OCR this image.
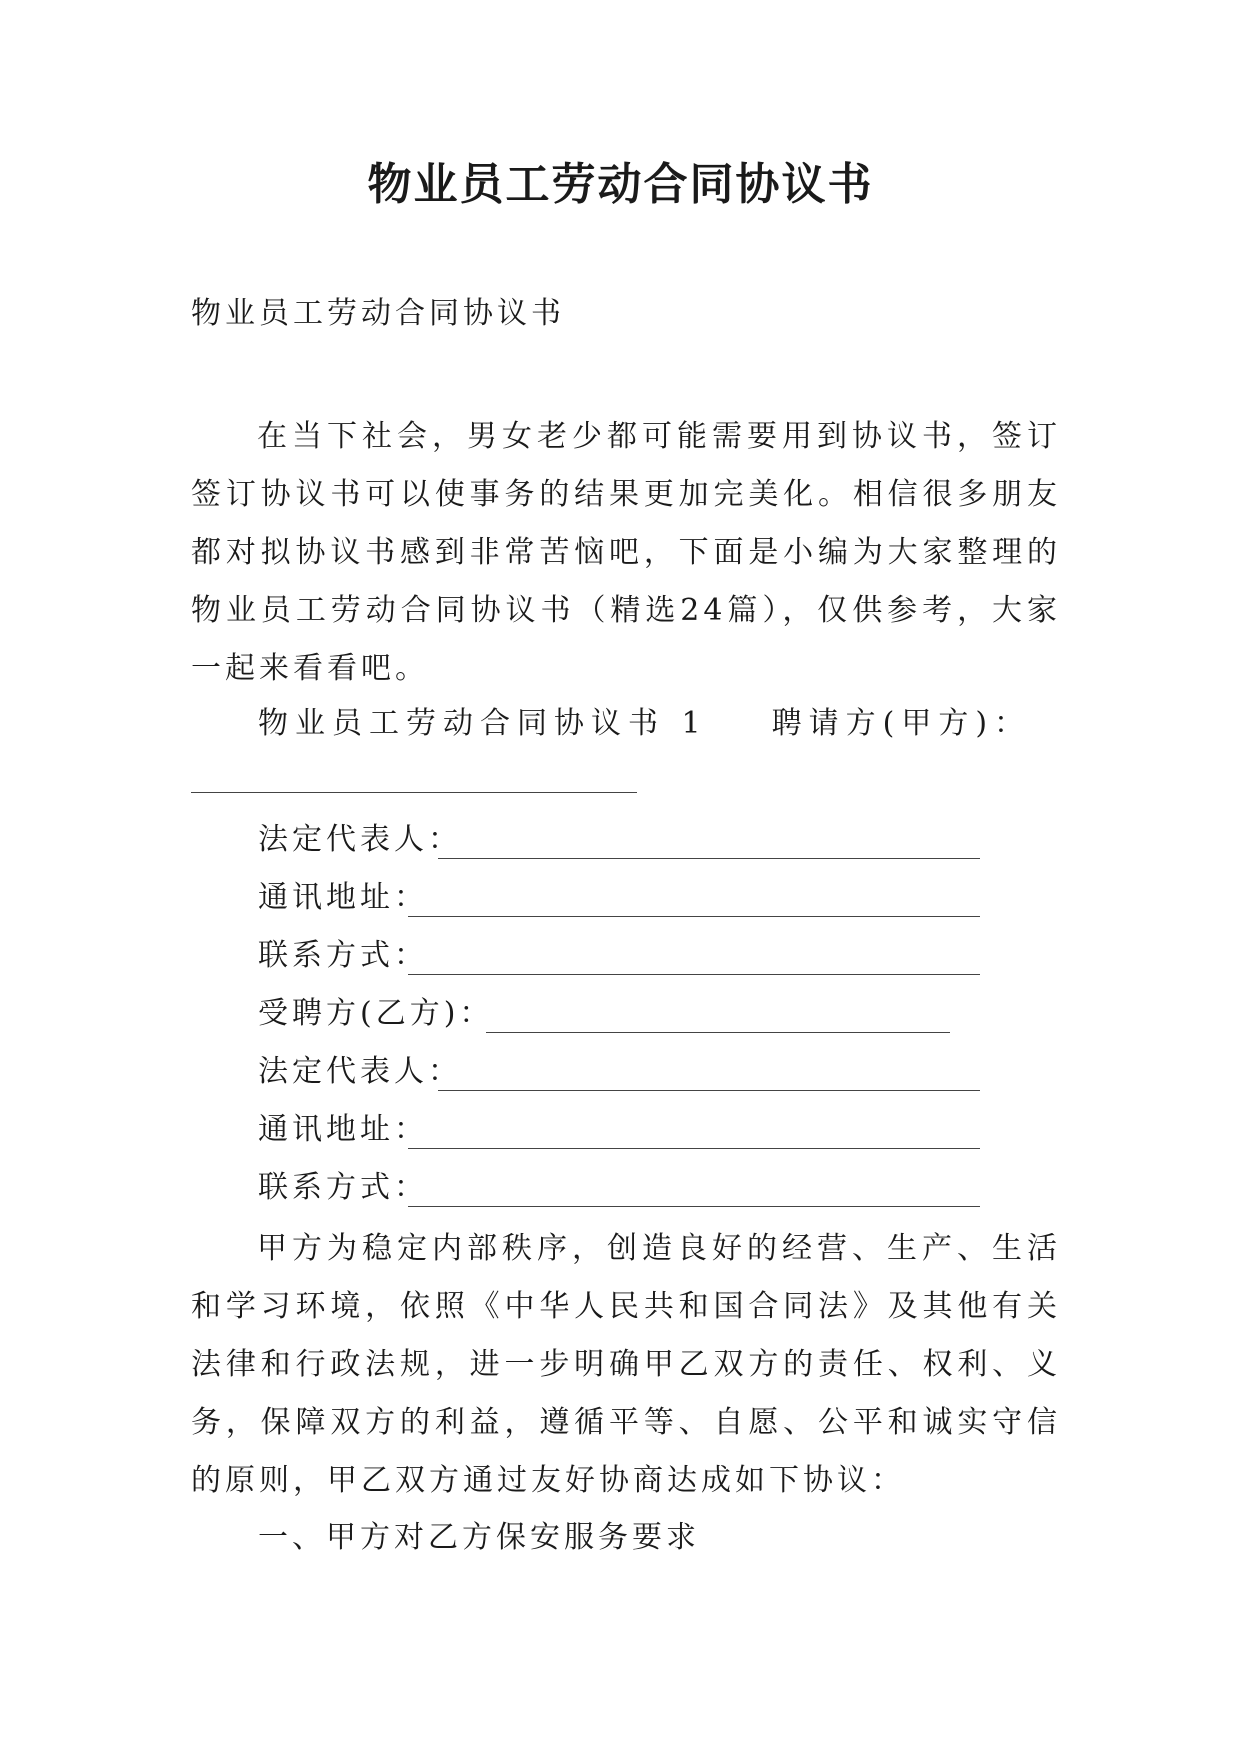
物业员工劳动合同协议书
物业员工劳动合同协议书

在当下社会，男女老少都可能需要用到协议书，签订签订协议书可以使事务的结果更加完美化。相信很多朋友都对拟协议书感到非常苦恼吧，下面是小编为大家整理的物业员工劳动合同协议书（精选24篇），仅供参考，大家一起来看看吧。

物业员工劳动合同协议书 1 聘请方(甲方)：
法定代表人：
通讯地址：
联系方式：
受聘方(乙方)：
法定代表人：
通讯地址：
联系方式：

甲方为稳定内部秩序，创造良好的经营、生产、生活和学习环境，依照《中华人民共和国合同法》及其他有关法律和行政法规，进一步明确甲乙双方的责任、权利、义务，保障双方的利益，遵循平等、自愿、公平和诚实守信的原则，甲乙双方通过友好协商达成如下协议：

一、甲方对乙方保安服务要求
